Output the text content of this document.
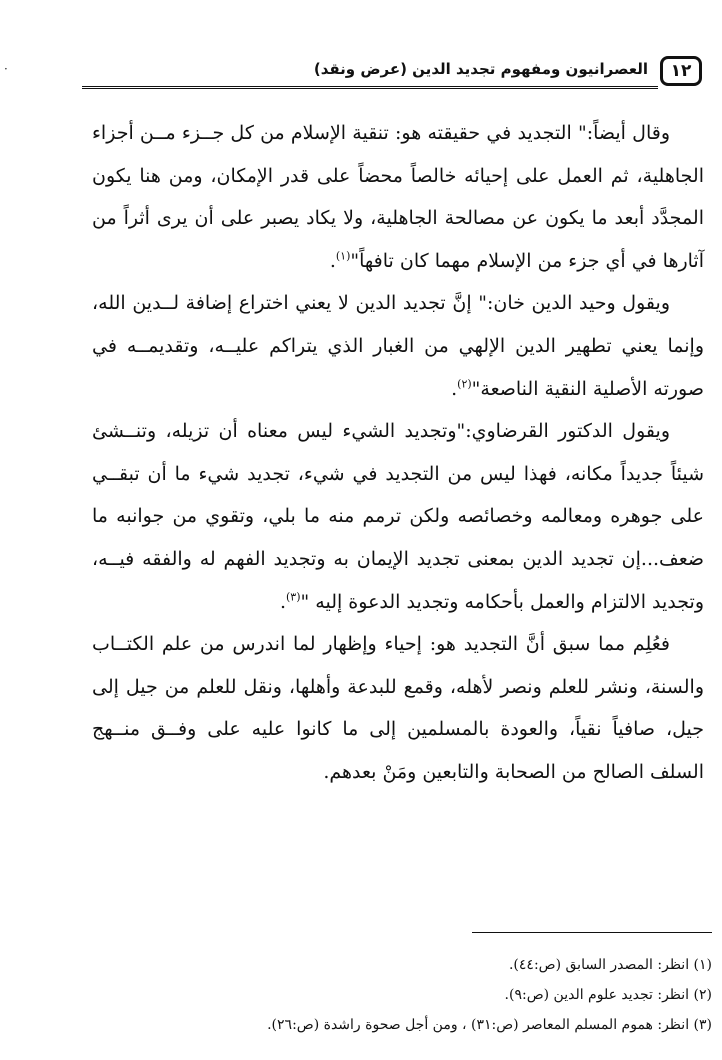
·	١٢
العصرانيون ومفهوم تجديد الدين (عرض ونقد)

وقال أيضاً:" التجديد في حقيقته هو: تنقية الإسلام من كل جــزء مــن أجزاء الجاهلية، ثم العمل على إحيائه خالصاً محضاً على قدر الإمكان، ومن هنا يكون المجدَّد أبعد ما يكون عن مصالحة الجاهلية، ولا يكاد يصبر على أن يرى أثراً من آثارها في أي جزء من الإسلام مهما كان تافهاً"$^{(١)}$.

ويقول وحيد الدين خان:" إنَّ تجديد الدين لا يعني اختراع إضافة لــدين الله، وإنما يعني تطهير الدين الإلهي من الغبار الذي يتراكم عليــه، وتقديمــه في صورته الأصلية النقية الناصعة"$^{(٢)}$.

ويقول الدكتور القرضاوي:"وتجديد الشيء ليس معناه أن تزيله، وتنــشئ شيئاً جديداً مكانه، فهذا ليس من التجديد في شيء، تجديد شيء ما أن تبقــي على جوهره ومعالمه وخصائصه ولكن ترمم منه ما بلي، وتقوي من جوانبه ما ضعف...إن تجديد الدين بمعنى تجديد الإيمان به وتجديد الفهم له والفقه فيــه، وتجديد الالتزام والعمل بأحكامه وتجديد الدعوة إليه "$^{(٣)}$.

فعُلِم مما سبق أنَّ التجديد هو: إحياء وإظهار لما اندرس من علم الكتــاب والسنة، ونشر للعلم ونصر لأهله، وقمع للبدعة وأهلها، ونقل للعلم من جيل إلى جيل، صافياً نقياً، والعودة بالمسلمين إلى ما كانوا عليه على وفــق منــهج السلف الصالح من الصحابة والتابعين ومَنْ بعدهم.

(١) انظر: المصدر السابق (ص:٤٤).

(٢) انظر: تجديد علوم الدين (ص:٩).

(٣) انظر: هموم المسلم المعاصر (ص:٣١) ، ومن أجل صحوة راشدة (ص:٢٦).
